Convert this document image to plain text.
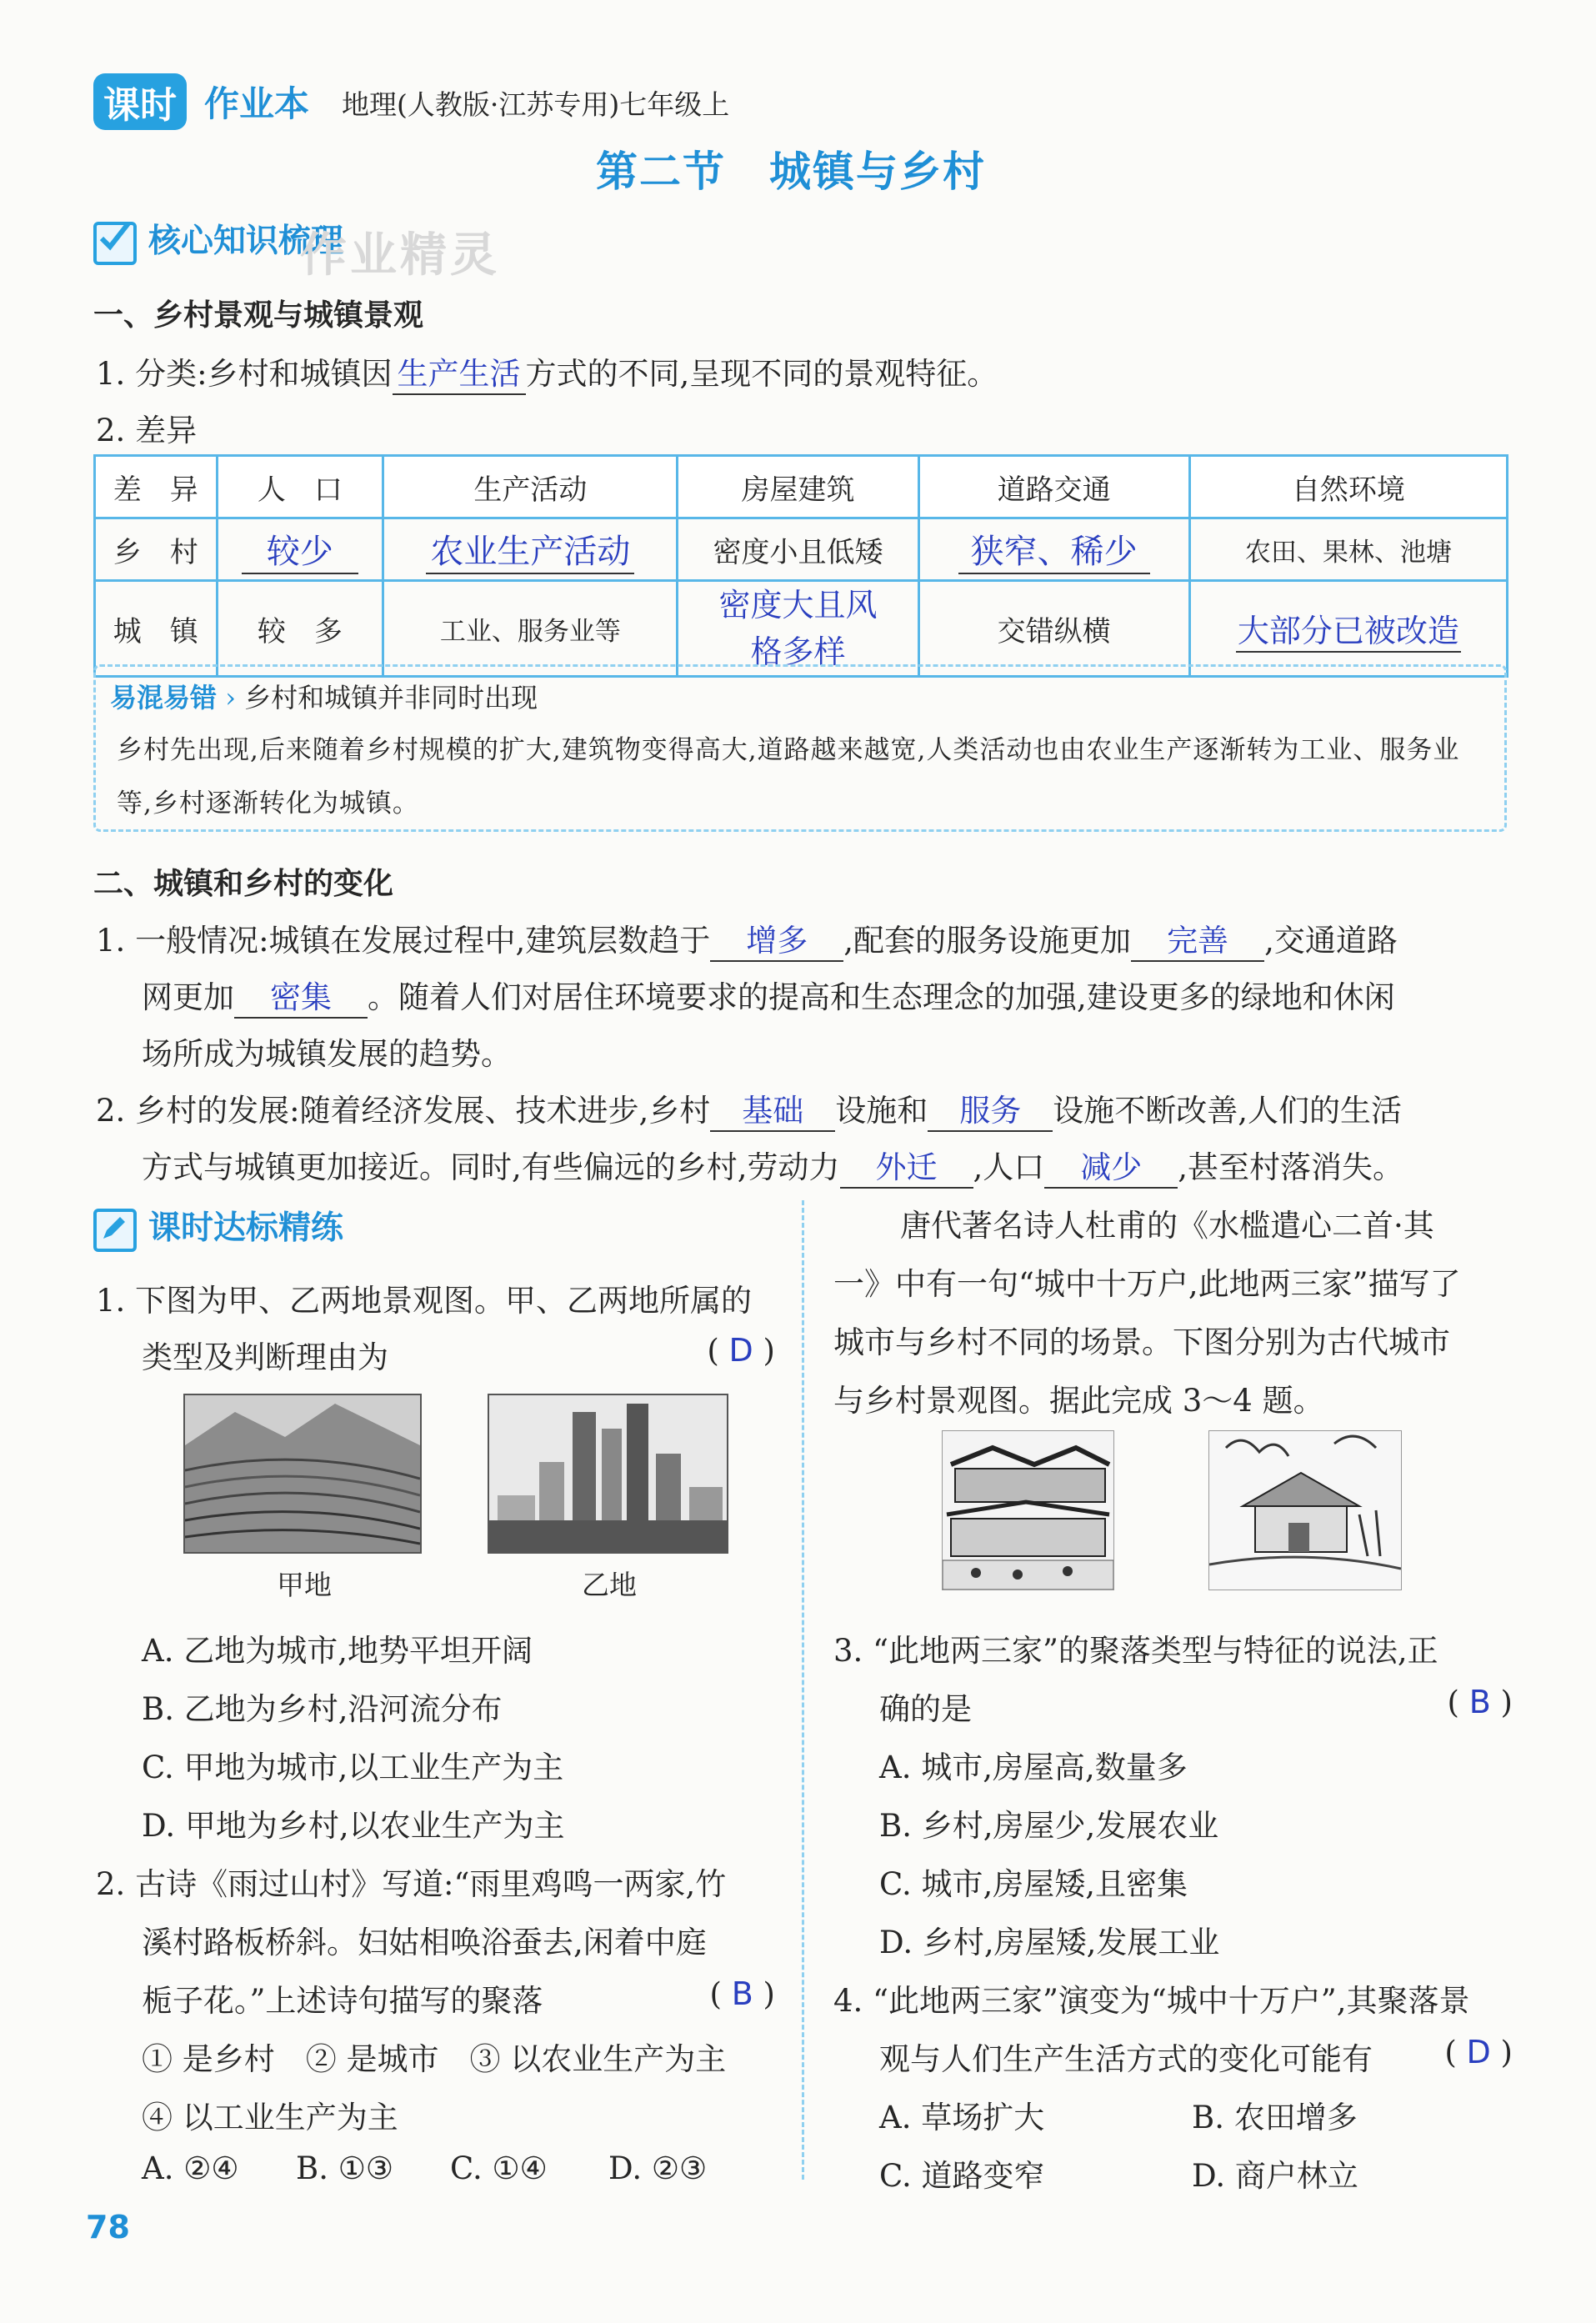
课时 作业本 地理(人教版·江苏专用)七年级上
第二节　城镇与乡村
核心知识梳理
作业精灵
一、乡村景观与城镇景观
1. 分类:乡村和城镇因 生产生活 方式的不同,呈现不同的景观特征。
2. 差异
差　异	人　口	生产活动	房屋建筑	道路交通	自然环境
乡　村	较少	农业生产活动	密度小且低矮	狭窄、稀少	农田、果林、池塘
城　镇	较　多	工业、服务业等	密度大且风格多样	交错纵横	大部分已被改造
易混易错 › 乡村和城镇并非同时出现
乡村先出现,后来随着乡村规模的扩大,建筑物变得高大,道路越来越宽,人类活动也由农业生产逐渐转为工业、服务业等,乡村逐渐转化为城镇。
二、城镇和乡村的变化
1. 一般情况:城镇在发展过程中,建筑层数趋于 增多 ,配套的服务设施更加 完善 ,交通道路
网更加 密集 。随着人们对居住环境要求的提高和生态理念的加强,建设更多的绿地和休闲
场所成为城镇发展的趋势。
2. 乡村的发展:随着经济发展、技术进步,乡村 基础 设施和 服务 设施不断改善,人们的生活
方式与城镇更加接近。同时,有些偏远的乡村,劳动力 外迁 ,人口 减少 ,甚至村落消失。
课时达标精练
1. 下图为甲、乙两地景观图。甲、乙两地所属的
类型及判断理由为	( D )
甲地	乙地
A. 乙地为城市,地势平坦开阔
B. 乙地为乡村,沿河流分布
C. 甲地为城市,以工业生产为主
D. 甲地为乡村,以农业生产为主
2. 古诗《雨过山村》写道:“雨里鸡鸣一两家,竹
溪村路板桥斜。妇姑相唤浴蚕去,闲着中庭
栀子花。”上述诗句描写的聚落	( B )
① 是乡村　② 是城市　③ 以农业生产为主
④ 以工业生产为主
A. ②④ B. ①③ C. ①④ D. ②③
唐代著名诗人杜甫的《水槛遣心二首·其
一》中有一句“城中十万户,此地两三家”描写了
城市与乡村不同的场景。下图分别为古代城市
与乡村景观图。据此完成 3～4 题。
3. “此地两三家”的聚落类型与特征的说法,正
确的是	( B )
A. 城市,房屋高,数量多
B. 乡村,房屋少,发展农业
C. 城市,房屋矮,且密集
D. 乡村,房屋矮,发展工业
4. “此地两三家”演变为“城中十万户”,其聚落景
观与人们生产生活方式的变化可能有 ( D )
A. 草场扩大	B. 农田增多
C. 道路变窄	D. 商户林立
78
